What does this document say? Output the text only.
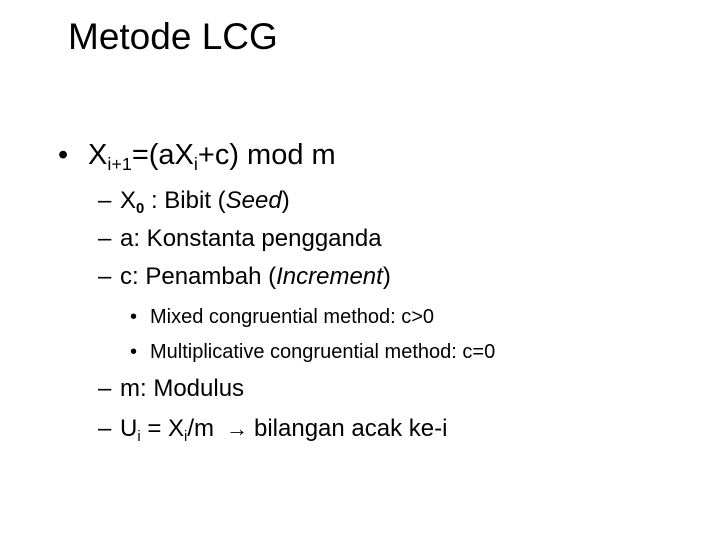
Metode LCG
• $X_{i+1}=(aX_i+c)$ mod m
– $X_0$ : Bibit (Seed)
– a: Konstanta pengganda
– c: Penambah (Increment)
• Mixed congruential method: c>0
• Multiplicative congruential method: c=0
– m: Modulus
– $U_i = X_i/m$ → bilangan acak ke-i
